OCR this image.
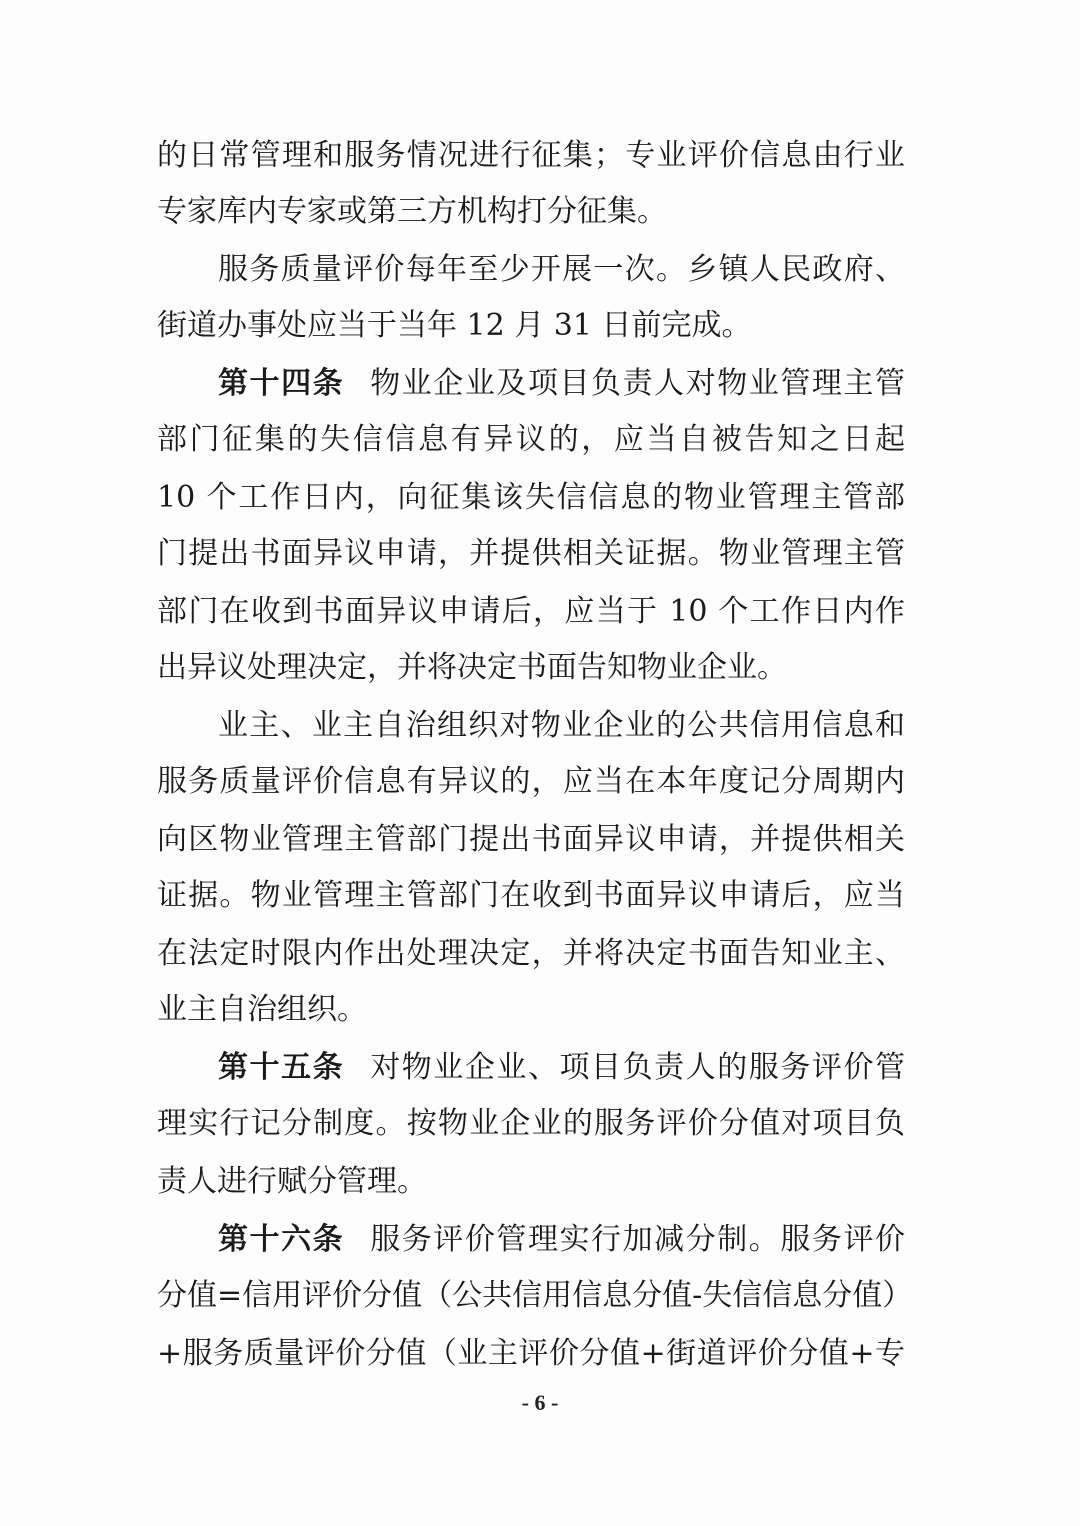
的日常管理和服务情况进行征集；专业评价信息由行业
专家库内专家或第三方机构打分征集。
服务质量评价每年至少开展一次。乡镇人民政府、
街道办事处应当于当年 12 月 31 日前完成。
第十四条 物业企业及项目负责人对物业管理主管
部门征集的失信信息有异议的，应当自被告知之日起
10 个工作日内，向征集该失信信息的物业管理主管部
门提出书面异议申请，并提供相关证据。物业管理主管
部门在收到书面异议申请后，应当于 10 个工作日内作
出异议处理决定，并将决定书面告知物业企业。
业主、业主自治组织对物业企业的公共信用信息和
服务质量评价信息有异议的，应当在本年度记分周期内
向区物业管理主管部门提出书面异议申请，并提供相关
证据。物业管理主管部门在收到书面异议申请后，应当
在法定时限内作出处理决定，并将决定书面告知业主、
业主自治组织。
第十五条 对物业企业、项目负责人的服务评价管
理实行记分制度。按物业企业的服务评价分值对项目负
责人进行赋分管理。
第十六条 服务评价管理实行加减分制。服务评价
分值=信用评价分值（公共信用信息分值-失信信息分值）
+服务质量评价分值（业主评价分值+街道评价分值+专
- 6 -
